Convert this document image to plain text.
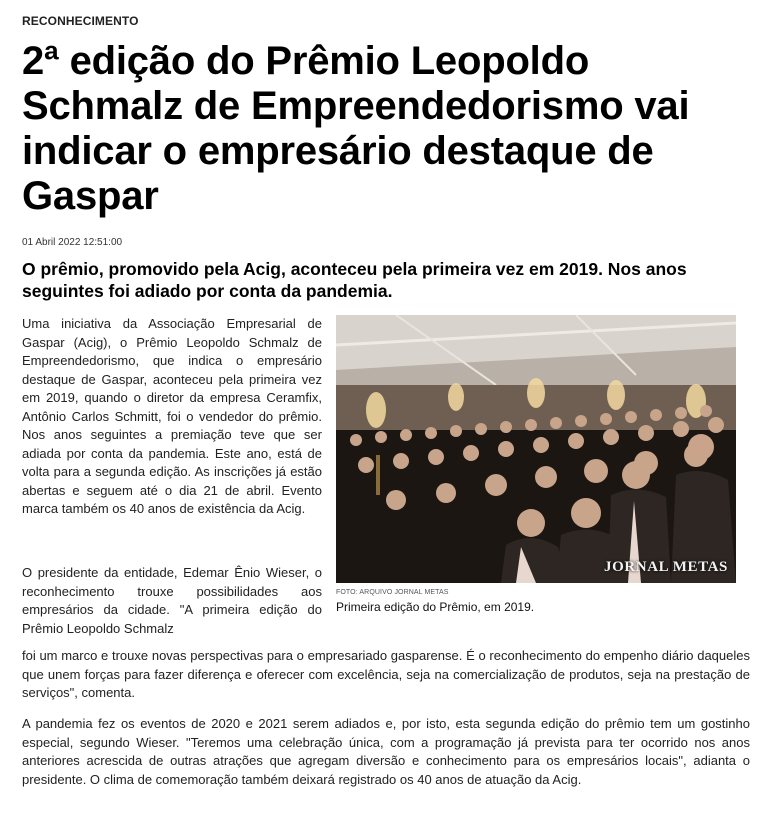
RECONHECIMENTO
2ª edição do Prêmio Leopoldo Schmalz de Empreendedorismo vai indicar o empresário destaque de Gaspar
01 Abril 2022 12:51:00
O prêmio, promovido pela Acig, aconteceu pela primeira vez em 2019. Nos anos seguintes foi adiado por conta da pandemia.

Uma iniciativa da Associação Empresarial de Gaspar (Acig), o Prêmio Leopoldo Schmalz de Empreendedorismo, que indica o empresário destaque de Gaspar, aconteceu pela primeira vez em 2019, quando o diretor da empresa Ceramfix, Antônio Carlos Schmitt, foi o vendedor do prêmio. Nos anos seguintes a premiação teve que ser adiada por conta da pandemia. Este ano, está de volta para a segunda edição. As inscrições já estão abertas e seguem até o dia 21 de abril. Evento marca também os 40 anos de existência da Acig.

JORNAL METAS
FOTO: ARQUIVO JORNAL METAS
Primeira edição do Prêmio, em 2019.

O presidente da entidade, Edemar Ênio Wieser, o reconhecimento trouxe possibilidades aos empresários da cidade. "A primeira edição do Prêmio Leopoldo Schmalz

foi um marco e trouxe novas perspectivas para o empresariado gasparense. É o reconhecimento do empenho diário daqueles que unem forças para fazer diferença e oferecer com excelência, seja na comercialização de produtos, seja na prestação de serviços", comenta.

A pandemia fez os eventos de 2020 e 2021 serem adiados e, por isto, esta segunda edição do prêmio tem um gostinho especial, segundo Wieser. "Teremos uma celebração única, com a programação já prevista para ter ocorrido nos anos anteriores acrescida de outras atrações que agregam diversão e conhecimento para os empresários locais", adianta o presidente. O clima de comemoração também deixará registrado os 40 anos de atuação da Acig.
